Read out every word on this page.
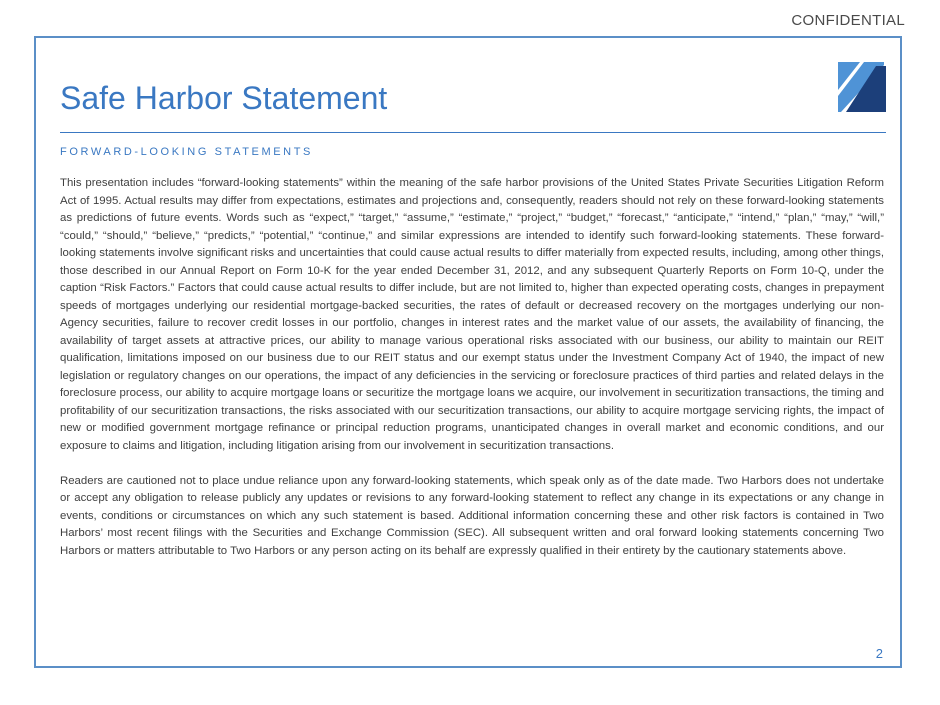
CONFIDENTIAL
Safe Harbor Statement
FORWARD-LOOKING STATEMENTS

This presentation includes “forward-looking statements” within the meaning of the safe harbor provisions of the United States Private Securities Litigation Reform Act of 1995. Actual results may differ from expectations, estimates and projections and, consequently, readers should not rely on these forward-looking statements as predictions of future events. Words such as “expect,” “target,” “assume,” “estimate,” “project,” “budget,” “forecast,” “anticipate,” “intend,” “plan,” “may,” “will,” “could,” “should,” “believe,” “predicts,” “potential,” “continue,” and similar expressions are intended to identify such forward-looking statements. These forward-looking statements involve significant risks and uncertainties that could cause actual results to differ materially from expected results, including, among other things, those described in our Annual Report on Form 10-K for the year ended December 31, 2012, and any subsequent Quarterly Reports on Form 10-Q, under the caption “Risk Factors.” Factors that could cause actual results to differ include, but are not limited to, higher than expected operating costs, changes in prepayment speeds of mortgages underlying our residential mortgage-backed securities, the rates of default or decreased recovery on the mortgages underlying our non-Agency securities, failure to recover credit losses in our portfolio, changes in interest rates and the market value of our assets, the availability of financing, the availability of target assets at attractive prices, our ability to manage various operational risks associated with our business, our ability to maintain our REIT qualification, limitations imposed on our business due to our REIT status and our exempt status under the Investment Company Act of 1940, the impact of new legislation or regulatory changes on our operations, the impact of any deficiencies in the servicing or foreclosure practices of third parties and related delays in the foreclosure process, our ability to acquire mortgage loans or securitize the mortgage loans we acquire, our involvement in securitization transactions, the timing and profitability of our securitization transactions, the risks associated with our securitization transactions, our ability to acquire mortgage servicing rights, the impact of new or modified government mortgage refinance or principal reduction programs, unanticipated changes in overall market and economic conditions, and our exposure to claims and litigation, including litigation arising from our involvement in securitization transactions.

Readers are cautioned not to place undue reliance upon any forward-looking statements, which speak only as of the date made. Two Harbors does not undertake or accept any obligation to release publicly any updates or revisions to any forward-looking statement to reflect any change in its expectations or any change in events, conditions or circumstances on which any such statement is based. Additional information concerning these and other risk factors is contained in Two Harbors’ most recent filings with the Securities and Exchange Commission (SEC). All subsequent written and oral forward looking statements concerning Two Harbors or matters attributable to Two Harbors or any person acting on its behalf are expressly qualified in their entirety by the cautionary statements above.

2
